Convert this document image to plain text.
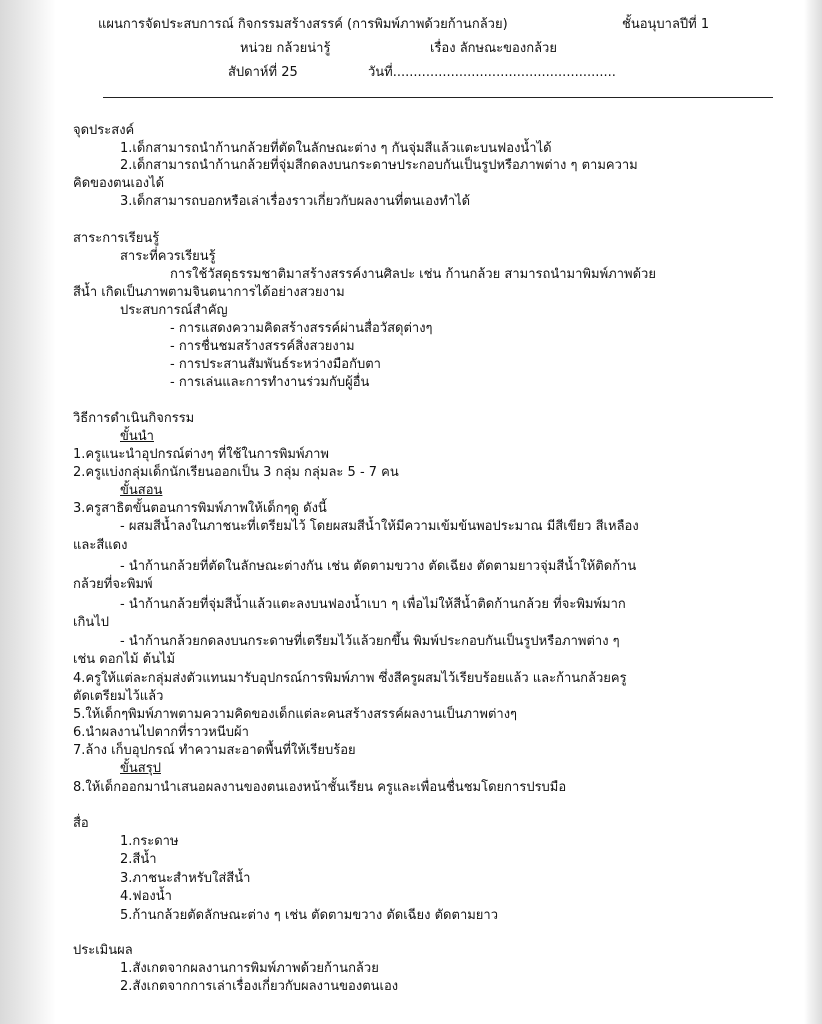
แผนการจัดประสบการณ์ กิจกรรมสร้างสรรค์ (การพิมพ์ภาพด้วยก้านกล้วย)	ชั้นอนุบาลปีที่ 1
หน่วย กล้วยน่ารู้	เรื่อง ลักษณะของกล้วย
สัปดาห์ที่ 25	วันที่......................................................
จุดประสงค์
1.เด็กสามารถนำก้านกล้วยที่ตัดในลักษณะต่าง ๆ กันจุ่มสีแล้วแตะบนฟองน้ำได้
2.เด็กสามารถนำก้านกล้วยที่จุ่มสีกดลงบนกระดาษประกอบกันเป็นรูปหรือภาพต่าง ๆ ตามความ
คิดของตนเองได้
3.เด็กสามารถบอกหรือเล่าเรื่องราวเกี่ยวกับผลงานที่ตนเองทำได้
สาระการเรียนรู้
สาระที่ควรเรียนรู้
การใช้วัสดุธรรมชาติมาสร้างสรรค์งานศิลปะ เช่น ก้านกล้วย สามารถนำมาพิมพ์ภาพด้วย
สีน้ำ เกิดเป็นภาพตามจินตนาการได้อย่างสวยงาม
ประสบการณ์สำคัญ
- การแสดงความคิดสร้างสรรค์ผ่านสื่อวัสดุต่างๆ
- การชื่นชมสร้างสรรค์สิ่งสวยงาม
- การประสานสัมพันธ์ระหว่างมือกับตา
- การเล่นและการทำงานร่วมกับผู้อื่น
วิธีการดำเนินกิจกรรม
ขั้นนำ
1.ครูแนะนำอุปกรณ์ต่างๆ ที่ใช้ในการพิมพ์ภาพ
2.ครูแบ่งกลุ่มเด็กนักเรียนออกเป็น 3 กลุ่ม กลุ่มละ 5 - 7 คน
ขั้นสอน
3.ครูสาธิตขั้นตอนการพิมพ์ภาพให้เด็กๆดู ดังนี้
- ผสมสีน้ำลงในภาชนะที่เตรียมไว้ โดยผสมสีน้ำให้มีความเข้มข้นพอประมาณ มีสีเขียว สีเหลือง
และสีแดง
- นำก้านกล้วยที่ตัดในลักษณะต่างกัน เช่น ตัดตามขวาง ตัดเฉียง ตัดตามยาวจุ่มสีน้ำให้ติดก้าน
กล้วยที่จะพิมพ์
- นำก้านกล้วยที่จุ่มสีน้ำแล้วแตะลงบนฟองน้ำเบา ๆ เพื่อไม่ให้สีน้ำติดก้านกล้วย ที่จะพิมพ์มาก
เกินไป
- นำก้านกล้วยกดลงบนกระดาษที่เตรียมไว้แล้วยกขึ้น พิมพ์ประกอบกันเป็นรูปหรือภาพต่าง ๆ
เช่น ดอกไม้ ต้นไม้
4.ครูให้แต่ละกลุ่มส่งตัวแทนมารับอุปกรณ์การพิมพ์ภาพ ซึ่งสีครูผสมไว้เรียบร้อยแล้ว และก้านกล้วยครู
ตัดเตรียมไว้แล้ว
5.ให้เด็กๆพิมพ์ภาพตามความคิดของเด็กแต่ละคนสร้างสรรค์ผลงานเป็นภาพต่างๆ
6.นำผลงานไปตากที่ราวหนีบผ้า
7.ล้าง เก็บอุปกรณ์ ทำความสะอาดพื้นที่ให้เรียบร้อย
ขั้นสรุป
8.ให้เด็กออกมานำเสนอผลงานของตนเองหน้าชั้นเรียน ครูและเพื่อนชื่นชมโดยการปรบมือ
สื่อ
1.กระดาษ
2.สีน้ำ
3.ภาชนะสำหรับใส่สีน้ำ
4.ฟองน้ำ
5.ก้านกล้วยตัดลักษณะต่าง ๆ เช่น ตัดตามขวาง ตัดเฉียง ตัดตามยาว
ประเมินผล
1.สังเกตจากผลงานการพิมพ์ภาพด้วยก้านกล้วย
2.สังเกตจากการเล่าเรื่องเกี่ยวกับผลงานของตนเอง
